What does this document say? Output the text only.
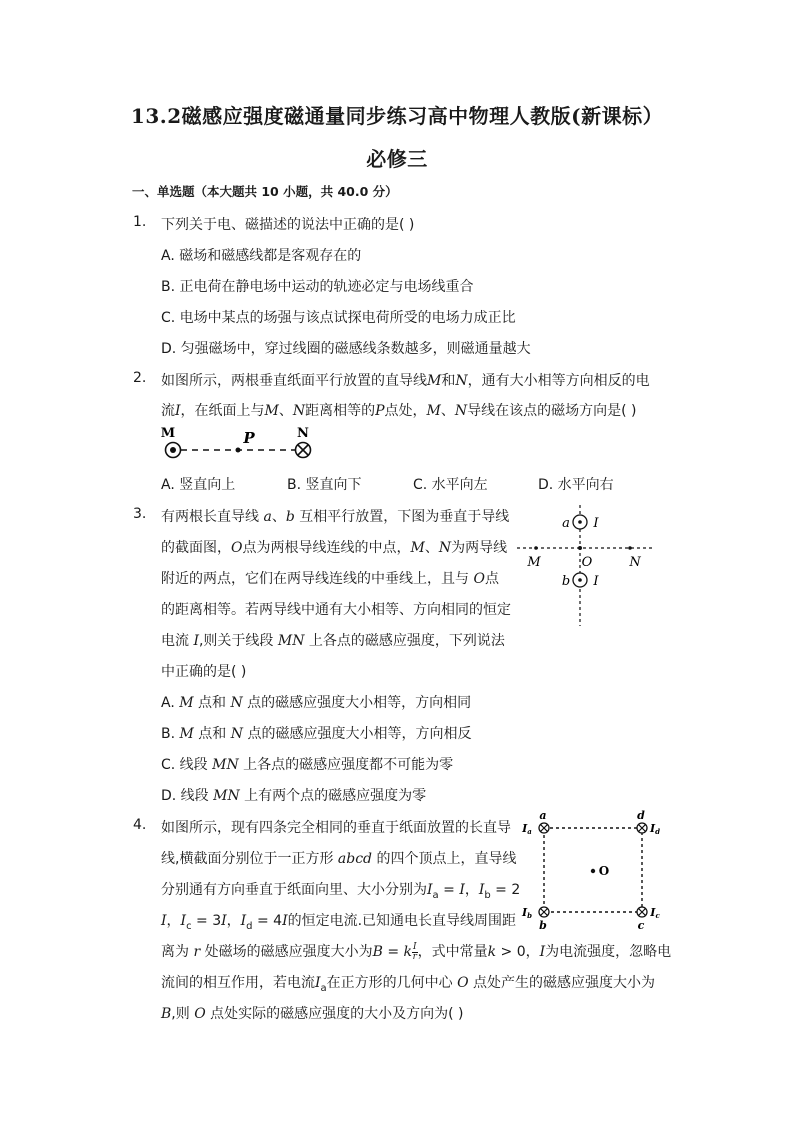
13.2磁感应强度磁通量同步练习高中物理人教版(新课标）
必修三
一、单选题（本大题共 10 小题，共 40.0 分）
1. 下列关于电、磁描述的说法中正确的是( )
A. 磁场和磁感线都是客观存在的
B. 正电荷在静电场中运动的轨迹必定与电场线重合
C. 电场中某点的场强与该点试探电荷所受的电场力成正比
D. 匀强磁场中，穿过线圈的磁感线条数越多，则磁通量越大
2. 如图所示，两根垂直纸面平行放置的直导线M和N，通有大小相等方向相反的电
流I，在纸面上与M、N距离相等的P点处，M、N导线在该点的磁场方向是( )
M	P	N
A. 竖直向上	B. 竖直向下	C. 水平向左	D. 水平向右
3. 有两根长直导线 a、b 互相平行放置，下图为垂直于导线
的截面图，O点为两根导线连线的中点，M、N为两导线
附近的两点，它们在两导线连线的中垂线上，且与 O点
的距离相等。若两导线中通有大小相等、方向相同的恒定
电流 I,则关于线段 MN 上各点的磁感应强度，下列说法
中正确的是( )
a I
O
M	N
b I
A. M 点和 N 点的磁感应强度大小相等，方向相同
B. M 点和 N 点的磁感应强度大小相等，方向相反
C. 线段 MN 上各点的磁感应强度都不可能为零
D. 线段 MN 上有两个点的磁感应强度为零
4. 如图所示，现有四条完全相同的垂直于纸面放置的长直导
线,横截面分别位于一正方形 abcd 的四个顶点上，直导线
分别通有方向垂直于纸面向里、大小分别为$I_a = I$，$I_b = 2$
I，$I_c = 3I$，$I_d = 4I$的恒定电流.已知通电长直导线周围距
离为 r 处磁场的磁感应强度大小为B = k $\frac{I}{r}$ ，式中常量k > 0，I为电流强度，忽略电
流间的相互作用，若电流$I_a$在正方形的几何中心 O 点处产生的磁感应强度大小为
B,则 O 点处实际的磁感应强度的大小及方向为( )
a
Ia
d
Id
b
Ib
c
Ic
O
